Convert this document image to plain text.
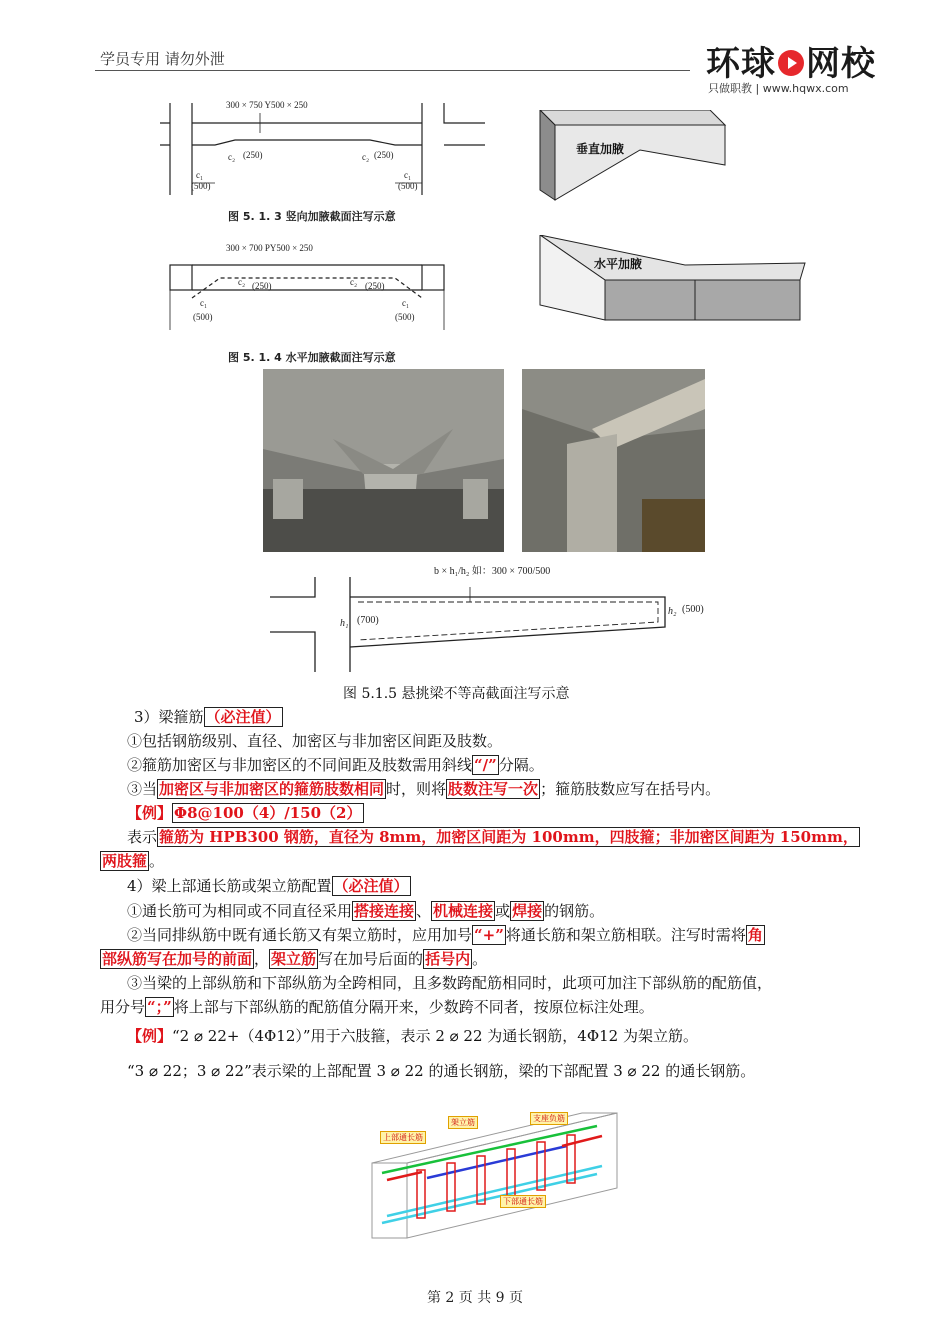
学员专用 请勿外泄	环球 网校
只做职教 | www.hqwx.com
300 × 750 Y500 × 250
c₁
(500)
c₂ (250)	c₂ (250)
c₁
(500)
图 5. 1. 3 竖向加腋截面注写示意
垂直加腋
300 × 700 PY500 × 250
c₂ (250)	c₂ (250)
c₁
(500)
c₁
(500)
图 5. 1. 4 水平加腋截面注写示意
水平加腋
b × h₁/h₂ 如：300 × 700/500
h₁ (700)
h₂ (500)
图 5.1.5 悬挑梁不等高截面注写示意
3）梁箍筋 （必注值）
①包括钢筋级别、直径、加密区与非加密区间距及肢数。
②箍筋加密区与非加密区的不同间距及肢数需用斜线 “/” 分隔。
③当 加密区与非加密区的箍筋肢数相同 时，则将 肢数注写一次 ；箍筋肢数应写在括号内。
【例】 Φ8@100（4）/150（2）
表示 箍筋为 HPB300 钢筋，直径为 8mm，加密区间距为 100mm，四肢箍；非加密区间距为 150mm，
两肢箍 。
4）梁上部通长筋或架立筋配置 （必注值）
①通长筋可为相同或不同直径采用 搭接连接 、 机械连接 或 焊接 的钢筋。
②当同排纵筋中既有通长筋又有架立筋时，应用加号 “+” 将通长筋和架立筋相联。注写时需将 角
部纵筋写在加号的前面 ， 架立筋 写在加号后面的 括号内 。
③当梁的上部纵筋和下部纵筋为全跨相同，且多数跨配筋相同时，此项可加注下部纵筋的配筋值，
用分号 “；” 将上部与下部纵筋的配筋值分隔开来，少数跨不同者，按原位标注处理。
【例】“2 ⌀ 22+（4Φ12）”用于六肢箍，表示 2 ⌀ 22 为通长钢筋，4Φ12 为架立筋。
“3 ⌀ 22；3 ⌀ 22”表示梁的上部配置 3 ⌀ 22 的通长钢筋，梁的下部配置 3 ⌀ 22 的通长钢筋。
支座负筋
架立筋
上部通长筋
下部通长筋
第 2 页 共 9 页
